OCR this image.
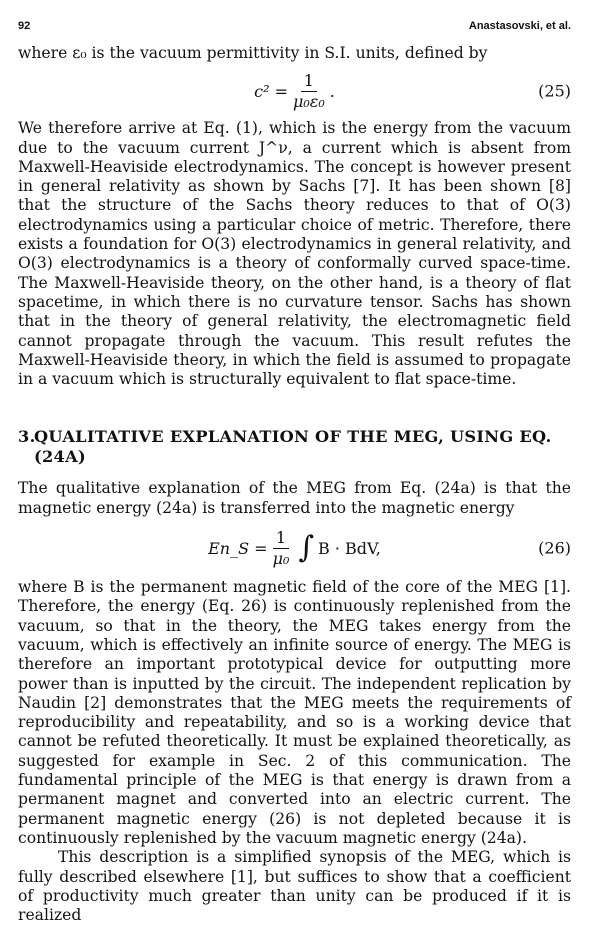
92	Anastasovski, et al.

where ε₀ is the vacuum permittivity in S.I. units, defined by

$c^2 = \frac{1}{\text{μ₀ε₀}}$ .	(25)

We therefore arrive at Eq. (1), which is the energy from the vacuum due to the vacuum current J^ν, a current which is absent from Maxwell-Heaviside electrodynamics. The concept is however present in general relativity as shown by Sachs [7]. It has been shown [8] that the structure of the Sachs theory reduces to that of O(3) electrodynamics using a particular choice of metric. Therefore, there exists a foundation for O(3) electrodynamics in general relativity, and O(3) electrodynamics is a theory of conformally curved space-time. The Maxwell-Heaviside theory, on the other hand, is a theory of flat spacetime, in which there is no curvature tensor. Sachs has shown that in the theory of general relativity, the electromagnetic field cannot propagate through the vacuum. This result refutes the Maxwell-Heaviside theory, in which the field is assumed to propagate in a vacuum which is structurally equivalent to flat space-time.

3.
QUALITATIVE EXPLANATION OF THE MEG, USING EQ. (24A)

The qualitative explanation of the MEG from Eq. (24a) is that the magnetic energy (24a) is transferred into the magnetic energy

En_S = $\frac{1}{\text{μ₀}}$ ∫ B · BdV,	(26)

where B is the permanent magnetic field of the core of the MEG [1]. Therefore, the energy (Eq. 26) is continuously replenished from the vacuum, so that in the theory, the MEG takes energy from the vacuum, which is effectively an infinite source of energy. The MEG is therefore an important prototypical device for outputting more power than is inputted by the circuit. The independent replication by Naudin [2] demonstrates that the MEG meets the requirements of reproducibility and repeatability, and so is a working device that cannot be refuted theoretically. It must be explained theoretically, as suggested for example in Sec. 2 of this communication. The fundamental principle of the MEG is that energy is drawn from a permanent magnet and converted into an electric current. The permanent magnetic energy (26) is not depleted because it is continuously replenished by the vacuum magnetic energy (24a).

This description is a simplified synopsis of the MEG, which is fully described elsewhere [1], but suffices to show that a coefficient of productivity much greater than unity can be produced if it is realized
